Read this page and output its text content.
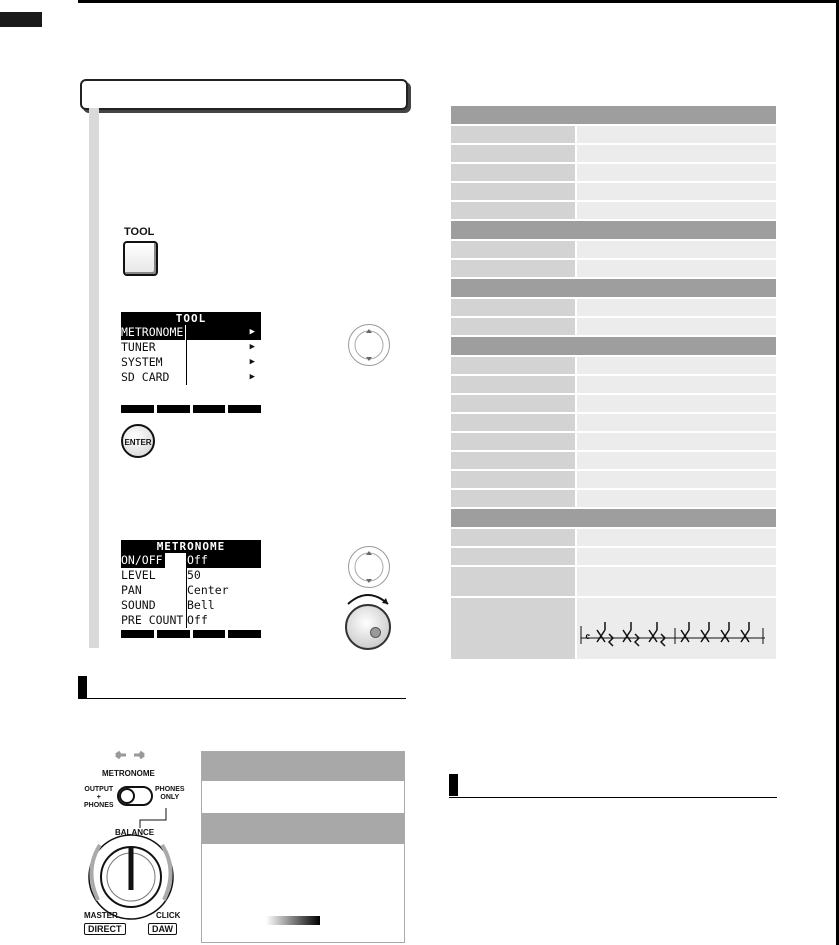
TOOL
TOOL
METRONOME	▶
TUNER	▶
SYSTEM	▶
SD CARD	▶
ENTER
METRONOME
ON/OFF Off
LEVEL	50
PAN	Center
SOUND	Bell
PRE COUNT Off
METRONOME
OUTPUT
+
PHONES
PHONES
ONLY
BALANCE
MASTER	CLICK
DIRECT	DAW
𝄴
